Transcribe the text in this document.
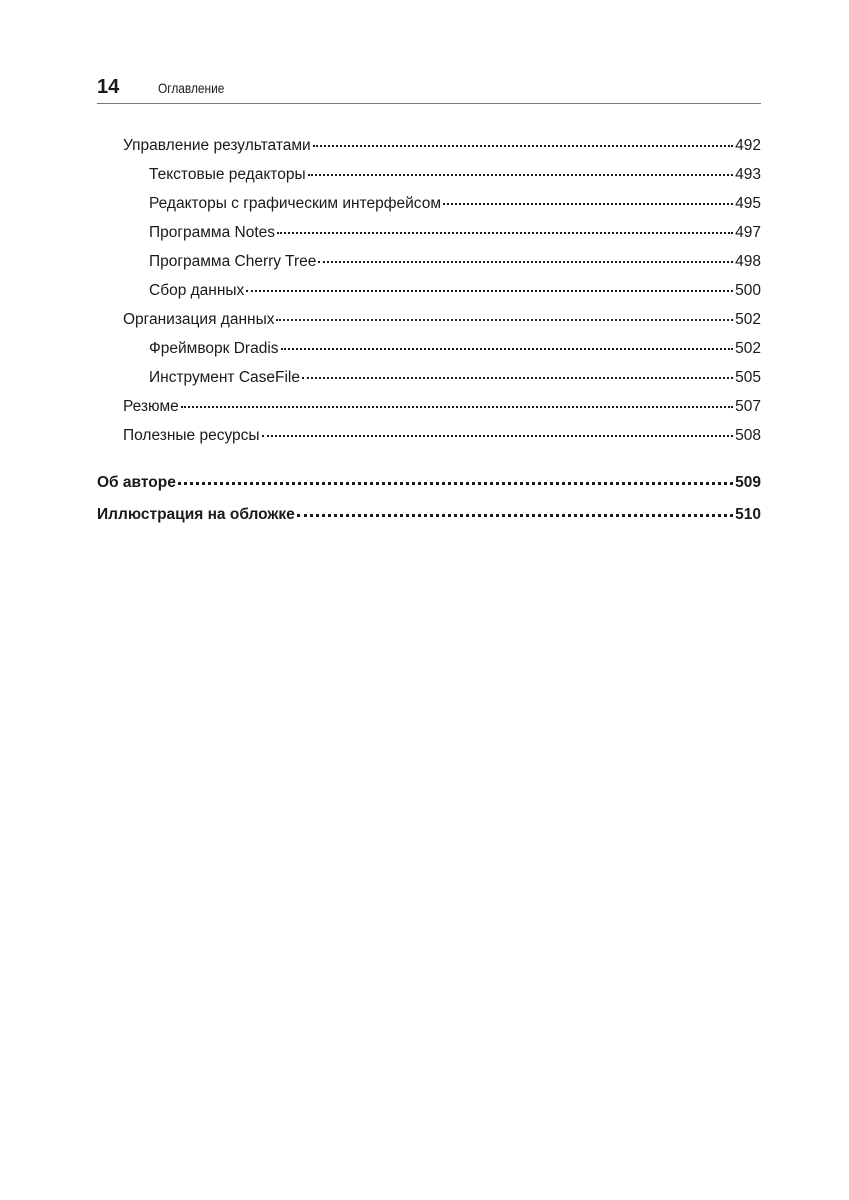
14	Оглавление
Управление результатами	492
Текстовые редакторы	493
Редакторы с графическим интерфейсом	495
Программа Notes	497
Программа Cherry Tree	498
Сбор данных	500
Организация данных	502
Фреймворк Dradis	502
Инструмент CaseFile	505
Резюме	507
Полезные ресурсы	508
Об авторе	509
Иллюстрация на обложке	510
